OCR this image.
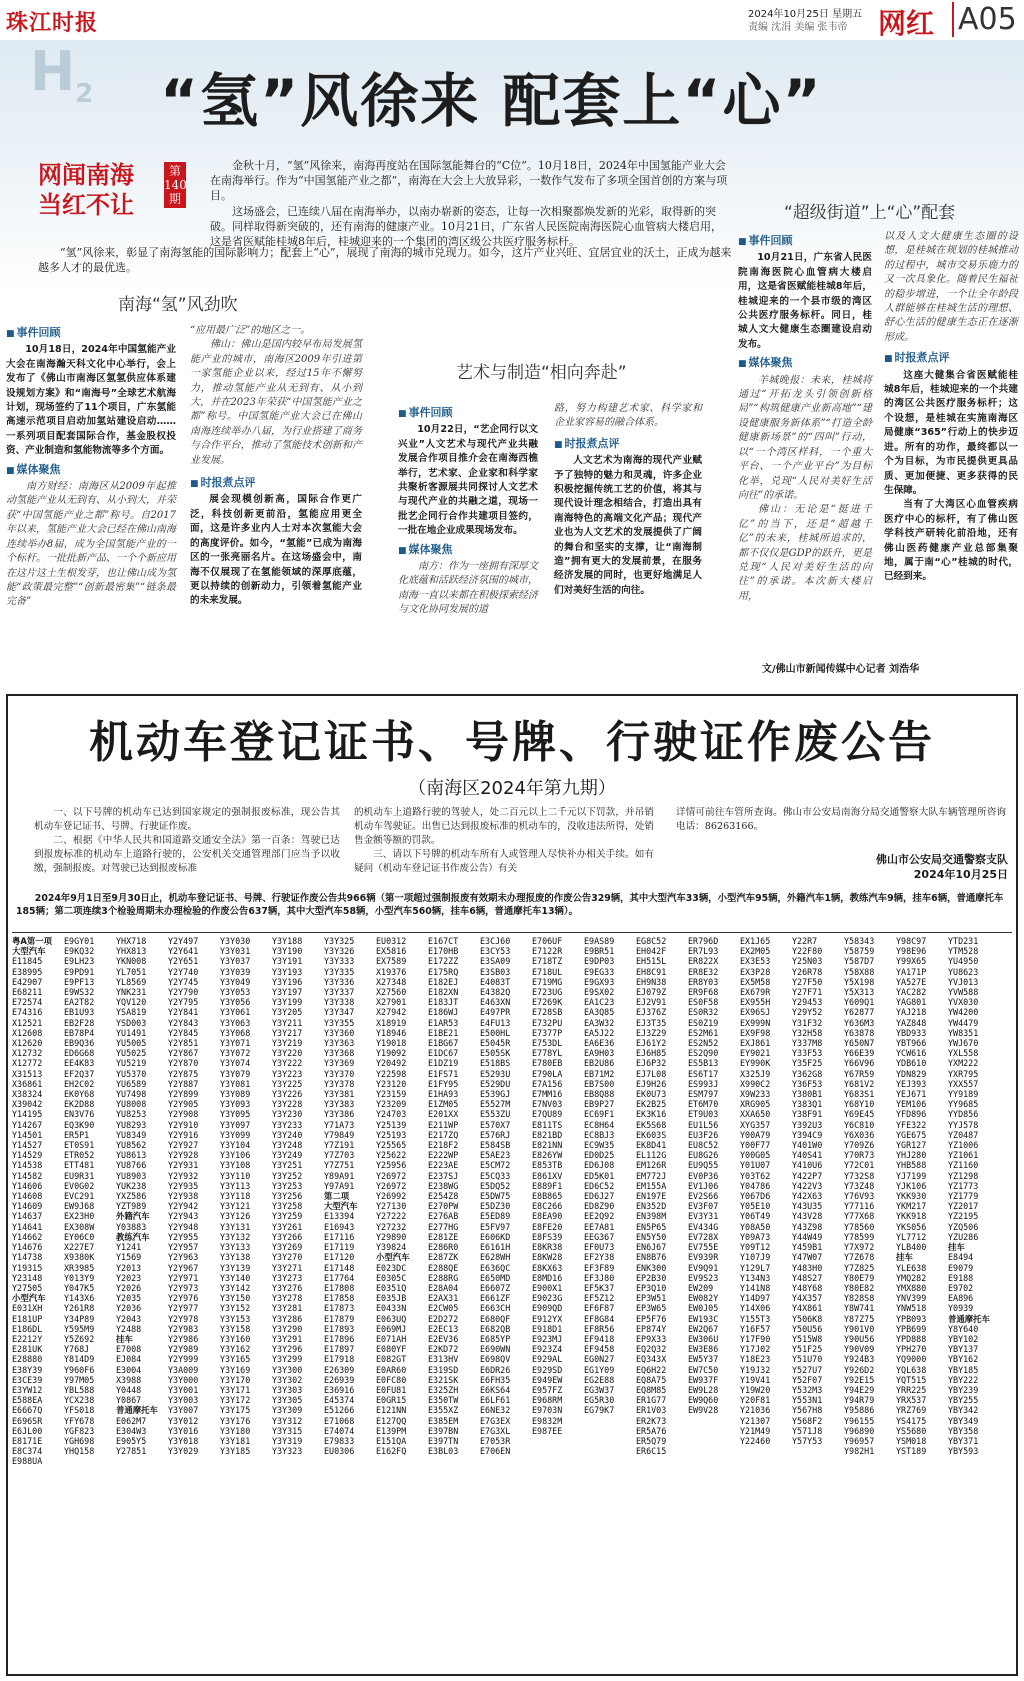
珠江时报	2024年10月25日 星期五
责编 沈涓 美编 张韦帝	网红 A05
$H_2$ “氢”风徐来 配套上“心”
网闻南海 当红不让
第140期

金秋十月，“氢”风徐来，南海再度站在国际氢能舞台的“C位”。10月18日，2024年中国氢能产业大会在南海举行。作为“中国氢能产业之都”，南海在大会上大放异彩，一数作气发布了多项全国首创的方案与项目。

这场盛会，已连续八届在南海举办，以南办崭新的姿态，让每一次相聚都焕发新的光彩，取得新的突破。同样取得新突破的，还有南海的健康产业。10月21日，广东省人民医院南海医院心血管病大楼启用，这是省医赋能桂城8年后，桂城迎来的一个集团的湾区级公共医疗服务标杆。

“氢”风徐来，彰显了南海氢能的国际影响力；配套上“心”，展现了南海的城市兑现力。如今，这片产业兴旺、宜居宜业的沃土，正成为越来越多人才的最优选。

南海“氢”风劲吹
艺术与制造“相向奔赴”
“超级街道”上“心”配套
■ 事件回顾

10月18日，2024年中国氢能产业大会在南海瀚天科文化中心举行，会上发布了《佛山市南海区氢氢供应体系建设规划方案》和“南海号”全球艺术航海计划，现场签约了11个项目，广东氢能高速示范项目启动加氢站建设启动……一系列项目配套国际合作，基金股权投资、产业制造和氢能物流等多个方面。

■ 媒体聚焦

南方财经：南海区从2009年起推动氢能产业从无到有、从小到大，并荣获“中国氢能产业之都”称号。自2017年以来，氢能产业大会已经在佛山南海连续举办8届，成为全国氢能产业的一个标杆。一批批新产品、一个个新应用在这片这土生根发芽，也让佛山成为氢能“政策最完整”“创新最密集”“链条最完备”

“应用最广泛”的地区之一。

佛山：佛山是国内较早布局发展氢能产业的城市，南海区2009年引进第一家氢能企业以来，经过15年不懈努力，推动氢能产业从无到有、从小到大，并在2023年荣获“中国氢能产业之都”称号。中国氢能产业大会已在佛山南海连续举办八届，为行业搭建了商务与合作平台，推动了氢能技术创新和产业发展。

■ 时报煮点评

展会现模创新高，国际合作更广泛，科技创新更前沿，氢能应用更全面，这是许多业内人士对本次氢能大会的高度评价。如今，“氢能”已成为南海区的一张亮丽名片。在这场盛会中，南海不仅展现了在氢能领域的深厚底蕴，更以持续的创新动力，引领着氢能产业的未来发展。

■ 事件回顾

10月22日，“艺企同行以文兴业”人文艺术与现代产业共融发展合作项目推介会在南海西樵举行，艺术家、企业家和科学家共聚析客源展共同探讨人文艺术与现代产业的共融之道，现场一批艺企同行合作共建项目签约，一批在地企业成果现场发布。

■ 媒体聚焦

南方：作为一座拥有深厚文化底蕴和活跃经济氛围的城市，南海一直以来都在积极探索经济与文化协同发展的道

路，努力构建艺术家、科学家和企业家容易的融合体系。

■ 时报煮点评

人文艺术为南海的现代产业赋予了独特的魅力和灵魂，许多企业积极挖掘传统工艺的价值，将其与现代设计理念相结合，打造出具有南海特色的高端文化产品；现代产业也为人文艺术的发展提供了广阔的舞台和坚实的支撑，让“南海制造”拥有更大的发展前景，在服务经济发展的同时，也更好地满足人们对美好生活的向往。

■ 事件回顾

10月21日，广东省人民医院南海医院心血管病大楼启用，这是省医赋能桂城8年后，桂城迎来的一个县市级的湾区公共医疗服务标杆。同日，桂城人文大健康生态圈建设启动发布。

■ 媒体聚焦

羊城晚报：未来，桂城将通过“开拓龙头引领创新格局”“构筑健康产业新高地”“建设健康服务新体系”“打造全龄健康新场景”的“四叫”行动，以“一个湾区样科，一个重大平台、一个产业平台”为目标化举，兑现“人民对美好生活向往”的承诺。

佛山：无论是“挺进千亿”的当下，还是“超越千亿”的未来，桂城所追求的，都不仅仅是GDP的跃升，更是兑现“人民对美好生活的向往”的承诺。本次新大楼启用，

以及人文大健康生态圈的设想，是桂城在规划的桂城推动的过程中，城市交易乐鹿力的又一次具象化。随着民生福祉的稳步增进，一个让全年龄段人群能够在桂城生活的理想、舒心生活的健康生态正在逐渐形成。

■ 时报煮点评

这座大健集合省医赋能桂城8年后，桂城迎来的一个共建的湾区公共医疗服务标杆；这个设想，是桂城在实施南海区局健康“365”行动上的快步迈进。所有的功作，最终都以一个为目标，为市民提供更具品质、更加便捷、更多获得的民生保障。

当有了大湾区心血管疾病医疗中心的标杆，有了佛山医学科技产研转化前沿地，还有佛山医药健康产业总部集聚地，属于南“心”桂城的时代，已经到来。

文/佛山市新闻传媒中心记者 刘浩华
机动车登记证书、号牌、行驶证作废公告
（南海区2024年第九期）

一、以下号牌的机动车已达到国家规定的强制报废标准，现公告其机动车登记证书、号牌、行驶证作废。

二、根据《中华人民共和国道路交通安全法》第一百条：驾驶已达到报废标准的机动车上道路行驶的，公安机关交通管理部门应当予以收缴，强制报废。对驾驶已达到报废标准

的机动车上道路行驶的驾驶人，处二百元以上二千元以下罚款，并吊销机动车驾驶证。出售已达到报废标准的机动车的，没收违法所得，处销售金额等额的罚款。

三、请以下号牌的机动车所有人或管理人尽快补办相关手续。如有疑问（机动车登记证书作废公告）有关

详情可前往车管所查询。佛山市公安局南海分局交通警察大队车辆管理所咨询电话：86263166。

佛山市公安局交通警察支队
2024年10月25日

2024年9月1日至9月30日止，机动车登记证书、号牌、行驶证作废公告共966辆（第一项超过强制报废有效期未办理报废的作废公告329辆，其中大型汽车33辆，小型汽车95辆，外籍汽车1辆，教练汽车9辆，挂车6辆，普通摩托车185辆；第二项连续3个检验周期未办理检验的作废公告637辆，其中大型汽车58辆，小型汽车560辆，挂车6辆，普通摩托车13辆）。

粤A第一项
大型汽车
E11845
E38995
E42907
E68211
E72574
E74316
X12521
X12608
X12620
X12732
X12772
X31513
X36861
X38324
X39042
Y14195
Y14267
Y14501
Y14527
Y14529
Y14538
Y14582
Y14606
Y14608
Y14609
Y14637
Y14641
Y14662
Y14676
Y14738
Y19315
Y23148
Y27505
小型汽车
E031XH
E181UP
E186DL
E2212Y
E281UK
E28880
E38Y39
E3CE39
E3YW12
E588EA
E6667Q
E696SR
E6JL00
E8171E
E8C374
E988UA
E9GY01
E9KQ32
E9LH23
E9PD91
E9PF13
E9WS32
EA2T82
EB1U93
EB2F28
EB78P4
EB9Q36
ED6G68
EE4K83
EF2Q37
EH2C02
EK0Y68
EK2D88
EN3V76
EQ3K90
ER5P1
ET0S91
ETR052
ETT481
EU9R31
EV0G02
EVC291
EW9J68
EX23H0
EX308W
EY06C0
X227E7
X9380K
XR3985
Y013Y9
Y047K5
Y143X6
Y261R8
Y34P89
Y595M9
Y5Z692
Y768J
Y814D9
Y960F6
Y97M05
YBL588
YCX238
YFS018
YFY678
YGF823
YGH698
YHQ158
YHX718
YHX813
YKN008
YL7051
YL8569
YNK231
YQV120
YSA819
YSD003
YU1491
YU5005
YU5025
YU5219
YU5370
YU6589
YU7498
YU8008
YU8253
YU8293
YU8349
YU8562
YU8613
YU8766
YU8903
YUK238
YXZ586
YZT989
外籍汽车
Y03883
教练汽车
Y1241
Y1569
Y2013
Y2023
Y2026
Y2035
Y2036
Y2043
Y2488
挂车
E7008
EJ084
E3004
X3988
Y0448
Y0867
普通摩托车
E062M7
E304W3
E905Y5
Y27851
Y2Y497
Y2Y641
Y2Y651
Y2Y740
Y2Y745
Y2Y790
Y2Y795
Y2Y841
Y2Y843
Y2Y845
Y2Y851
Y2Y867
Y2Y870
Y2Y875
Y2Y887
Y2Y899
Y2Y905
Y2Y908
Y2Y910
Y2Y916
Y2Y927
Y2Y928
Y2Y931
Y2Y932
Y2Y935
Y2Y938
Y2Y942
Y2Y943
Y2Y948
Y2Y955
Y2Y957
Y2Y963
Y2Y967
Y2Y971
Y2Y973
Y2Y976
Y2Y977
Y2Y978
Y2Y983
Y2Y986
Y2Y989
Y2Y999
Y3A009
Y3Y000
Y3Y001
Y3Y003
Y3Y007
Y3Y012
Y3Y016
Y3Y018
Y3Y029
Y3Y030
Y3Y031
Y3Y037
Y3Y039
Y3Y049
Y3Y053
Y3Y056
Y3Y061
Y3Y063
Y3Y068
Y3Y071
Y3Y072
Y3Y074
Y3Y079
Y3Y081
Y3Y089
Y3Y093
Y3Y095
Y3Y097
Y3Y099
Y3Y104
Y3Y106
Y3Y108
Y3Y110
Y3Y113
Y3Y118
Y3Y121
Y3Y126
Y3Y131
Y3Y132
Y3Y133
Y3Y138
Y3Y139
Y3Y140
Y3Y142
Y3Y150
Y3Y152
Y3Y153
Y3Y158
Y3Y160
Y3Y162
Y3Y165
Y3Y169
Y3Y170
Y3Y171
Y3Y172
Y3Y175
Y3Y176
Y3Y180
Y3Y181
Y3Y185
Y3Y188
Y3Y190
Y3Y191
Y3Y193
Y3Y196
Y3Y197
Y3Y199
Y3Y205
Y3Y211
Y3Y217
Y3Y219
Y3Y220
Y3Y222
Y3Y223
Y3Y225
Y3Y226
Y3Y228
Y3Y230
Y3Y233
Y3Y240
Y3Y248
Y3Y249
Y3Y251
Y3Y252
Y3Y253
Y3Y256
Y3Y258
Y3Y259
Y3Y261
Y3Y266
Y3Y269
Y3Y270
Y3Y271
Y3Y273
Y3Y276
Y3Y278
Y3Y281
Y3Y286
Y3Y290
Y3Y291
Y3Y296
Y3Y299
Y3Y300
Y3Y302
Y3Y303
Y3Y305
Y3Y309
Y3Y312
Y3Y315
Y3Y319
Y3Y323
Y3Y325
Y3Y326
Y3Y333
Y3Y335
Y3Y336
Y3Y337
Y3Y338
Y3Y347
Y3Y355
Y3Y360
Y3Y363
Y3Y368
Y3Y369
Y3Y370
Y3Y378
Y3Y381
Y3Y383
Y3Y386
Y71A73
Y79849
Y7Z191
Y7Z703
Y7Z751
Y89A91
Y97A91
第二项
大型汽车
E13394
E16943
E17116
E17119
E17120
E17148
E17764
E17808
E17858
E17873
E17879
E17893
E17896
E17897
E17918
E26309
E26939
E36916
E45374
E51266
E71068
E74074
E79833
EU0306
EU0312
EX5816
EX7589
X19376
X27348
X27560
X27901
X27942
X18919
Y18946
Y19018
Y19092
Y20492
Y22598
Y23120
Y23159
Y23209
Y24703
Y25139
Y25193
Y25565
Y25622
Y25956
Y26972
Y26972
Y26992
Y27130
Y27222
Y27232
Y29890
Y39824
小型汽车
E023DC
E0305C
E0351Q
E035JB
E0433N
E063UQ
E069MJ
E071AH
E080YF
E082GT
E0AR60
E0FC80
E0FU81
E0GR15
E121NN
E127QQ
E139PM
E151QA
E162FQ
E167CT
E170HB
E172ZZ
E175RQ
E182EJ
E182XN
E183JT
E186WJ
E1AR53
E1BE21
E1BG67
E1DC67
E1DZ19
E1FS71
E1FY95
E1HA93
E1ZM05
E201XX
E211WP
E217ZQ
E218F2
E222WP
E223AE
E237SJ
E238WG
E254Z8
E270PW
E276AB
E277HG
E281ZE
E286R0
E287ZK
E288QE
E288RG
E28A04
E2AX31
E2CW05
E2D272
E2EC13
E2EV36
E2KD72
E313HV
E319SD
E321SK
E325ZH
E350TW
E355XZ
E385EM
E397BN
E397TN
E3BL03
E3CJ60
E3CY53
E3SA09
E3SB03
E4083T
E4382Q
E463XN
E497PR
E4FU13
E500HL
E5045R
E505SK
E518BS
E5293U
E529DU
E539GJ
E5527M
E553ZU
E570X7
E576RJ
E584SB
E5AE23
E5CM72
E5CQ33
E5DQ52
E5DW75
E5DZ30
E5ED89
E5FV97
E606KD
E6161H
E628WH
E636QC
E650MD
E6607Z
E661ZF
E663CH
E680QF
E682QB
E685YP
E690WN
E698QV
E6DR26
E6FH35
E6KS64
E6LF61
E6NE32
E7G3EX
E7G3XL
E7053R
E706EN
E706UF
E7122R
E718TZ
E718UL
E719MG
E723UG
E7269K
E728SB
E732PU
E7377P
E753DL
E778YL
E780EB
E790LA
E7A156
E7MM16
E7NV03
E7QU89
E811TS
E821BD
E821NN
E826YW
E853TB
E861XV
E889F1
E8B865
E8C266
E8EA90
E8FE20
E8FS39
E8KR38
E8KW28
E8KX63
E8MD16
E900X1
E9023G
E909QD
E912YX
E918D1
E923MJ
E923Z4
E929AL
E929SD
E949EW
E957FZ
E968RM
E9703N
E9832M
E987EE
E9AS89
E9BR51
E9DP03
E9EG33
E9GX93
E9SX02
EA1C23
EA3Q85
EA3W32
EA5J22
EA6E36
EA9H03
EB2U86
EB71M2
EB7S00
EB8Q88
EB9P27
EC69F1
EC8H64
EC8BJ3
EC9W35
ED0D25
ED6J08
ED5K01
ED6C52
ED6J27
ED8Z90
EE2Q92
EE7A81
EEG367
EF0U73
EF2Y38
EF3F89
EF3J80
EF5K37
EF5Z12
EF6F87
EF8G84
EF8R56
EF9418
EF9458
EG0N27
EG1Y09
EG2E88
EG3W37
EG5R30
EG79K7
EG8C52
EH042F
EH515L
EH8C91
EH9N38
EJ079Z
EJ2V91
EJ376Z
EJ3T35
EJ3Z29
EJ61Y2
EJ6H85
EJ6P32
EJ7L08
EJ9H26
EK0U73
EK2B25
EK3K16
EK5S68
EK603S
EK8D41
EL112G
EM126R
EM772J
EM155A
EN197E
EN352D
EN398M
EN5P65
EN5Y50
EN6J67
EN8B76
ENK300
EP2B30
EP3Q10
EP3W51
EP3W65
EP5F76
EP874Y
EP9X33
EQ2Q32
EQ343X
EQ6H22
EQ8A75
EQ8M85
ER1G77
ER1V03
ER2K73
ER5A76
ER5Q79
ER6C15
ER796D
ER7L93
ER822X
ER8E32
ER8Y03
ER9F68
ES0F58
ES0R32
ES0Z19
ES2M61
ES2N52
ES2Q90
ES5B13
ES6T17
ES993J
ESM797
ET6M70
ET9U03
EU1L56
EU3F26
EU8C52
EU8G26
EU9Q55
EV0P36
EV1J06
EV2S66
EV3F07
EV3Y31
EV434G
EV728X
EV755E
EV939R
EV9Q91
EV9S23
EW209
EW082Y
EW0J05
EW193C
EW2Q67
EW306U
EW3E86
EW5Y37
EW7C50
EW937F
EW9L28
EW9Q60
EW9V28
EX1J65
EX2M05
EX3E53
EX3P28
EX5M58
EX679R
EX955H
EX96SJ
EX999N
EX9F98
EXJ861
EY9021
EY990K
X325J9
X990C2
X9W233
XRG905
XXA650
XYG357
Y00A79
Y00F77
Y00G05
Y01U07
Y03T62
Y04786
Y067D6
Y05E10
Y06T49
Y08A50
Y09A73
Y09T12
Y107J9
Y129L7
Y134N3
Y141N8
Y14D97
Y14X06
Y155T3
Y16F57
Y17F90
Y17J02
Y18E23
Y19J32
Y19V41
Y19W20
Y20F81
Y21036
Y21307
Y21M49
Y22460
Y22R7
Y22F80
Y25N03
Y26R78
Y27F50
Y27F71
Y29453
Y29Y52
Y31F32
Y32H58
Y337M8
Y33F53
Y35F25
Y362G8
Y36F53
Y380B1
Y383Q1
Y38F91
Y392U3
Y394C9
Y401W0
Y40S41
Y410U6
Y422P7
Y422V3
Y42X63
Y43U35
Y43V28
Y43Z98
Y44W49
Y459B1
Y47W07
Y483H0
Y48S27
Y48Y68
Y4X357
Y4X861
Y506K8
Y50U56
Y515W8
Y51F25
Y51U70
Y527U7
Y52F07
Y532M3
Y553N1
Y567H8
Y568F2
Y571J8
Y57Y53
Y58343
Y58759
Y587D7
Y58X88
Y5X198
Y5X313
Y609Q1
Y62877
Y636M3
Y63878
Y650N7
Y66E39
Y66V96
Y67R59
Y681V2
Y683S1
Y68Y10
Y69E45
Y6C810
Y6X036
Y709Z6
Y70R73
Y72C01
Y732S8
Y73Z48
Y76V93
Y77116
Y77X68
Y78560
Y78599
Y7X972
Y7Z678
Y7Z825
Y80E79
Y80E82
Y828S8
Y8W741
Y87Z75
Y901V0
Y90U56
Y90V09
Y924B3
Y926D2
Y92E15
Y94E29
Y94R79
Y95886
Y96155
Y96890
Y96957
Y982H1
Y98C97
Y98E96
Y99X65
YA171P
YA527E
YAC282
YAG801
YAJ218
YAZ848
YBD933
YBT966
YCW616
YDB610
YDN829
YEJ393
YEJ671
YEM106
YFD896
YFE322
YGE675
YGR127
YHJ280
YHB588
YJ7199
YJK106
YKK930
YKM217
YKK918
YKS056
YL7712
YLB400
挂车
YLE638
YMQ282
YMX880
YNV399
YNW518
YPB093
YPB699
YPD888
YPH270
YQ9000
YQL638
YQT515
YRR225
YRX537
YRZ769
YS4175
YS5680
YSM018
YST189
YTD231
YTM528
YU4950
YU8623
YVJ013
YVW588
YVX030
YW4200
YW4479
YW8351
YWJ670
YXL558
YXM222
YXR795
YXX557
YY9189
YY9685
YYD856
YYJ578
YZ0487
YZ1006
YZ1061
YZ1160
YZ1298
YZ1773
YZ1779
YZ2017
YZ2195
YZQ506
YZU286
挂车
E8494
E9079
E9188
E9702
EA896
Y0939
普通摩托车
Y8Y640
YBY102
YBY137
YBY162
YBY185
YBY222
YBY239
YBY255
YBY342
YBY349
YBY358
YBY371
YBY593
